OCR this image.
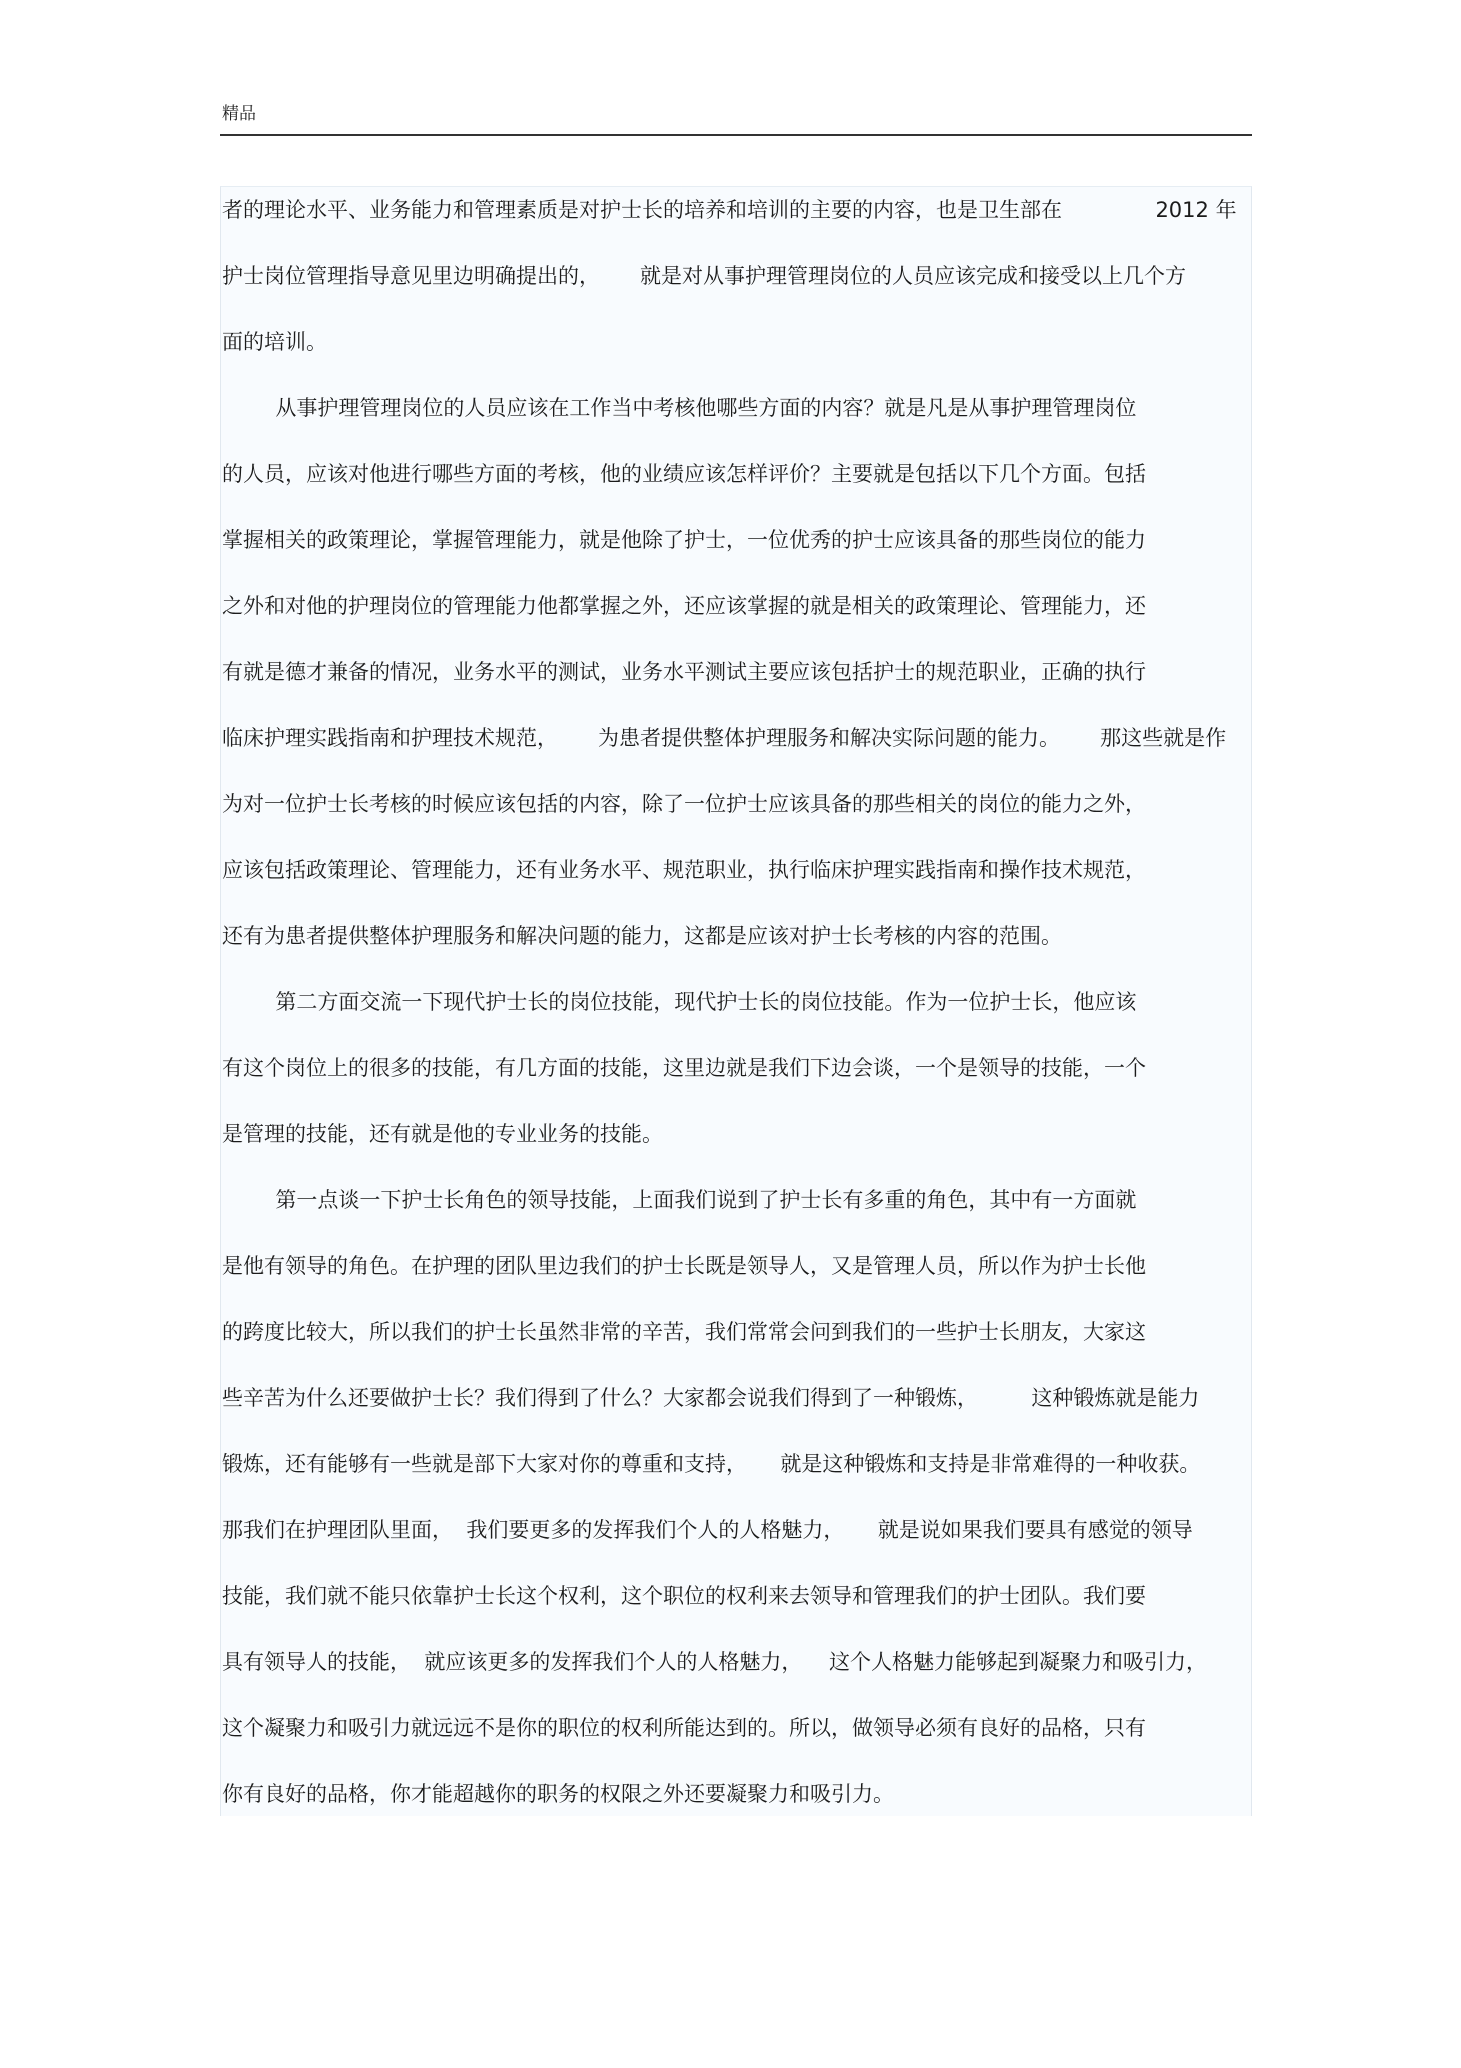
精品
者的理论水平、业务能力和管理素质是对护士长的培养和培训的主要的内容，也是卫生部在              2012 年
护士岗位管理指导意见里边明确提出的，      就是对从事护理管理岗位的人员应该完成和接受以上几个方
面的培训。
从事护理管理岗位的人员应该在工作当中考核他哪些方面的内容？就是凡是从事护理管理岗位
的人员，应该对他进行哪些方面的考核，他的业绩应该怎样评价？主要就是包括以下几个方面。包括
掌握相关的政策理论，掌握管理能力，就是他除了护士，一位优秀的护士应该具备的那些岗位的能力
之外和对他的护理岗位的管理能力他都掌握之外，还应该掌握的就是相关的政策理论、管理能力，还
有就是德才兼备的情况，业务水平的测试，业务水平测试主要应该包括护士的规范职业，正确的执行
临床护理实践指南和护理技术规范，      为患者提供整体护理服务和解决实际问题的能力。      那这些就是作
为对一位护士长考核的时候应该包括的内容，除了一位护士应该具备的那些相关的岗位的能力之外，
应该包括政策理论、管理能力，还有业务水平、规范职业，执行临床护理实践指南和操作技术规范，
还有为患者提供整体护理服务和解决问题的能力，这都是应该对护士长考核的内容的范围。
第二方面交流一下现代护士长的岗位技能，现代护士长的岗位技能。作为一位护士长，他应该
有这个岗位上的很多的技能，有几方面的技能，这里边就是我们下边会谈，一个是领导的技能，一个
是管理的技能，还有就是他的专业业务的技能。
第一点谈一下护士长角色的领导技能，上面我们说到了护士长有多重的角色，其中有一方面就
是他有领导的角色。在护理的团队里边我们的护士长既是领导人，又是管理人员，所以作为护士长他
的跨度比较大，所以我们的护士长虽然非常的辛苦，我们常常会问到我们的一些护士长朋友，大家这
些辛苦为什么还要做护士长？我们得到了什么？大家都会说我们得到了一种锻炼，        这种锻炼就是能力
锻炼，还有能够有一些就是部下大家对你的尊重和支持，     就是这种锻炼和支持是非常难得的一种收获。
那我们在护理团队里面，  我们要更多的发挥我们个人的人格魅力，     就是说如果我们要具有感觉的领导
技能，我们就不能只依靠护士长这个权利，这个职位的权利来去领导和管理我们的护士团队。我们要
具有领导人的技能，  就应该更多的发挥我们个人的人格魅力，    这个人格魅力能够起到凝聚力和吸引力，
这个凝聚力和吸引力就远远不是你的职位的权利所能达到的。所以，做领导必须有良好的品格，只有
你有良好的品格，你才能超越你的职务的权限之外还要凝聚力和吸引力。
